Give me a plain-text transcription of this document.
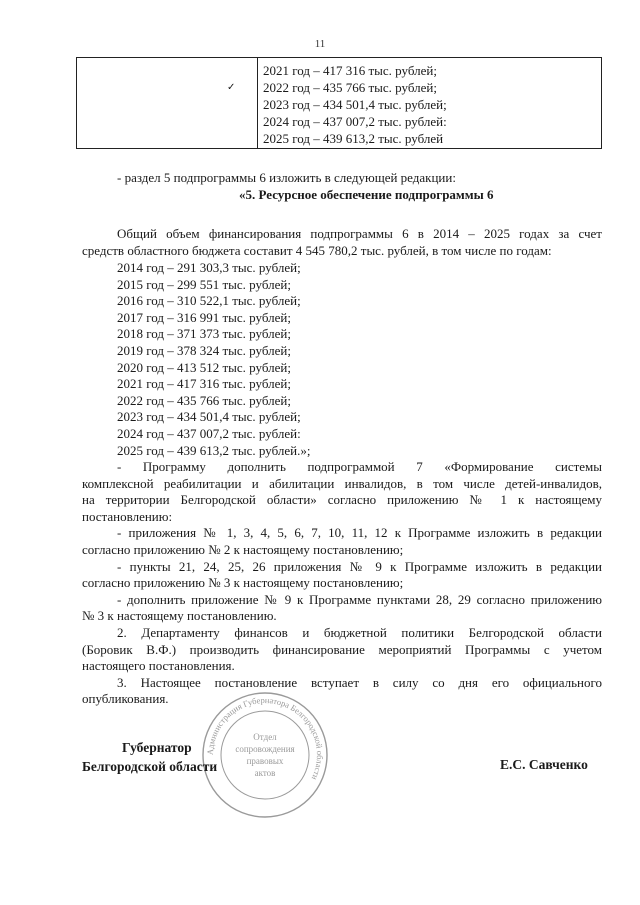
11
✓

2021 год – 417 316 тыс. рублей;
2022 год – 435 766 тыс. рублей;
2023 год – 434 501,4 тыс. рублей;
2024 год – 437 007,2 тыс. рублей:
2025 год – 439 613,2 тыс. рублей
- раздел 5 подпрограммы 6 изложить в следующей редакции:
«5. Ресурсное обеспечение подпрограммы 6
Общий объем финансирования подпрограммы 6 в 2014 – 2025 годах за счет
средств областного бюджета составит 4 545 780,2 тыс. рублей, в том числе по годам:
2014 год – 291 303,3 тыс. рублей;
2015 год – 299 551 тыс. рублей;
2016 год – 310 522,1 тыс. рублей;
2017 год – 316 991 тыс. рублей;
2018 год – 371 373 тыс. рублей;
2019 год – 378 324 тыс. рублей;
2020 год – 413 512 тыс. рублей;
2021 год – 417 316 тыс. рублей;
2022 год – 435 766 тыс. рублей;
2023 год – 434 501,4 тыс. рублей;
2024 год – 437 007,2 тыс. рублей:
2025 год – 439 613,2 тыс. рублей.»;
- Программу дополнить подпрограммой 7 «Формирование системы
комплексной реабилитации и абилитации инвалидов, в том числе детей-инвалидов,
на территории Белгородской области» согласно приложению № 1 к настоящему
постановлению:
- приложения № 1, 3, 4, 5, 6, 7, 10, 11, 12 к Программе изложить в редакции
согласно приложению № 2 к настоящему постановлению;
- пункты 21, 24, 25, 26 приложения № 9 к Программе изложить в редакции
согласно приложению № 3 к настоящему постановлению;
- дополнить приложение № 9 к Программе пунктами 28, 29 согласно приложению
№ 3 к настоящему постановлению.
2. Департаменту финансов и бюджетной политики Белгородской области
(Боровик В.Ф.) производить финансирование мероприятий Программы с учетом
настоящего постановления.
3. Настоящее постановление вступает в силу со дня его официального
опубликования.
Администрация Губернатора Белгородской области
Отдел
сопровождения
правовых
актов
Губернатор
Белгородской области	Е.С. Савченко
